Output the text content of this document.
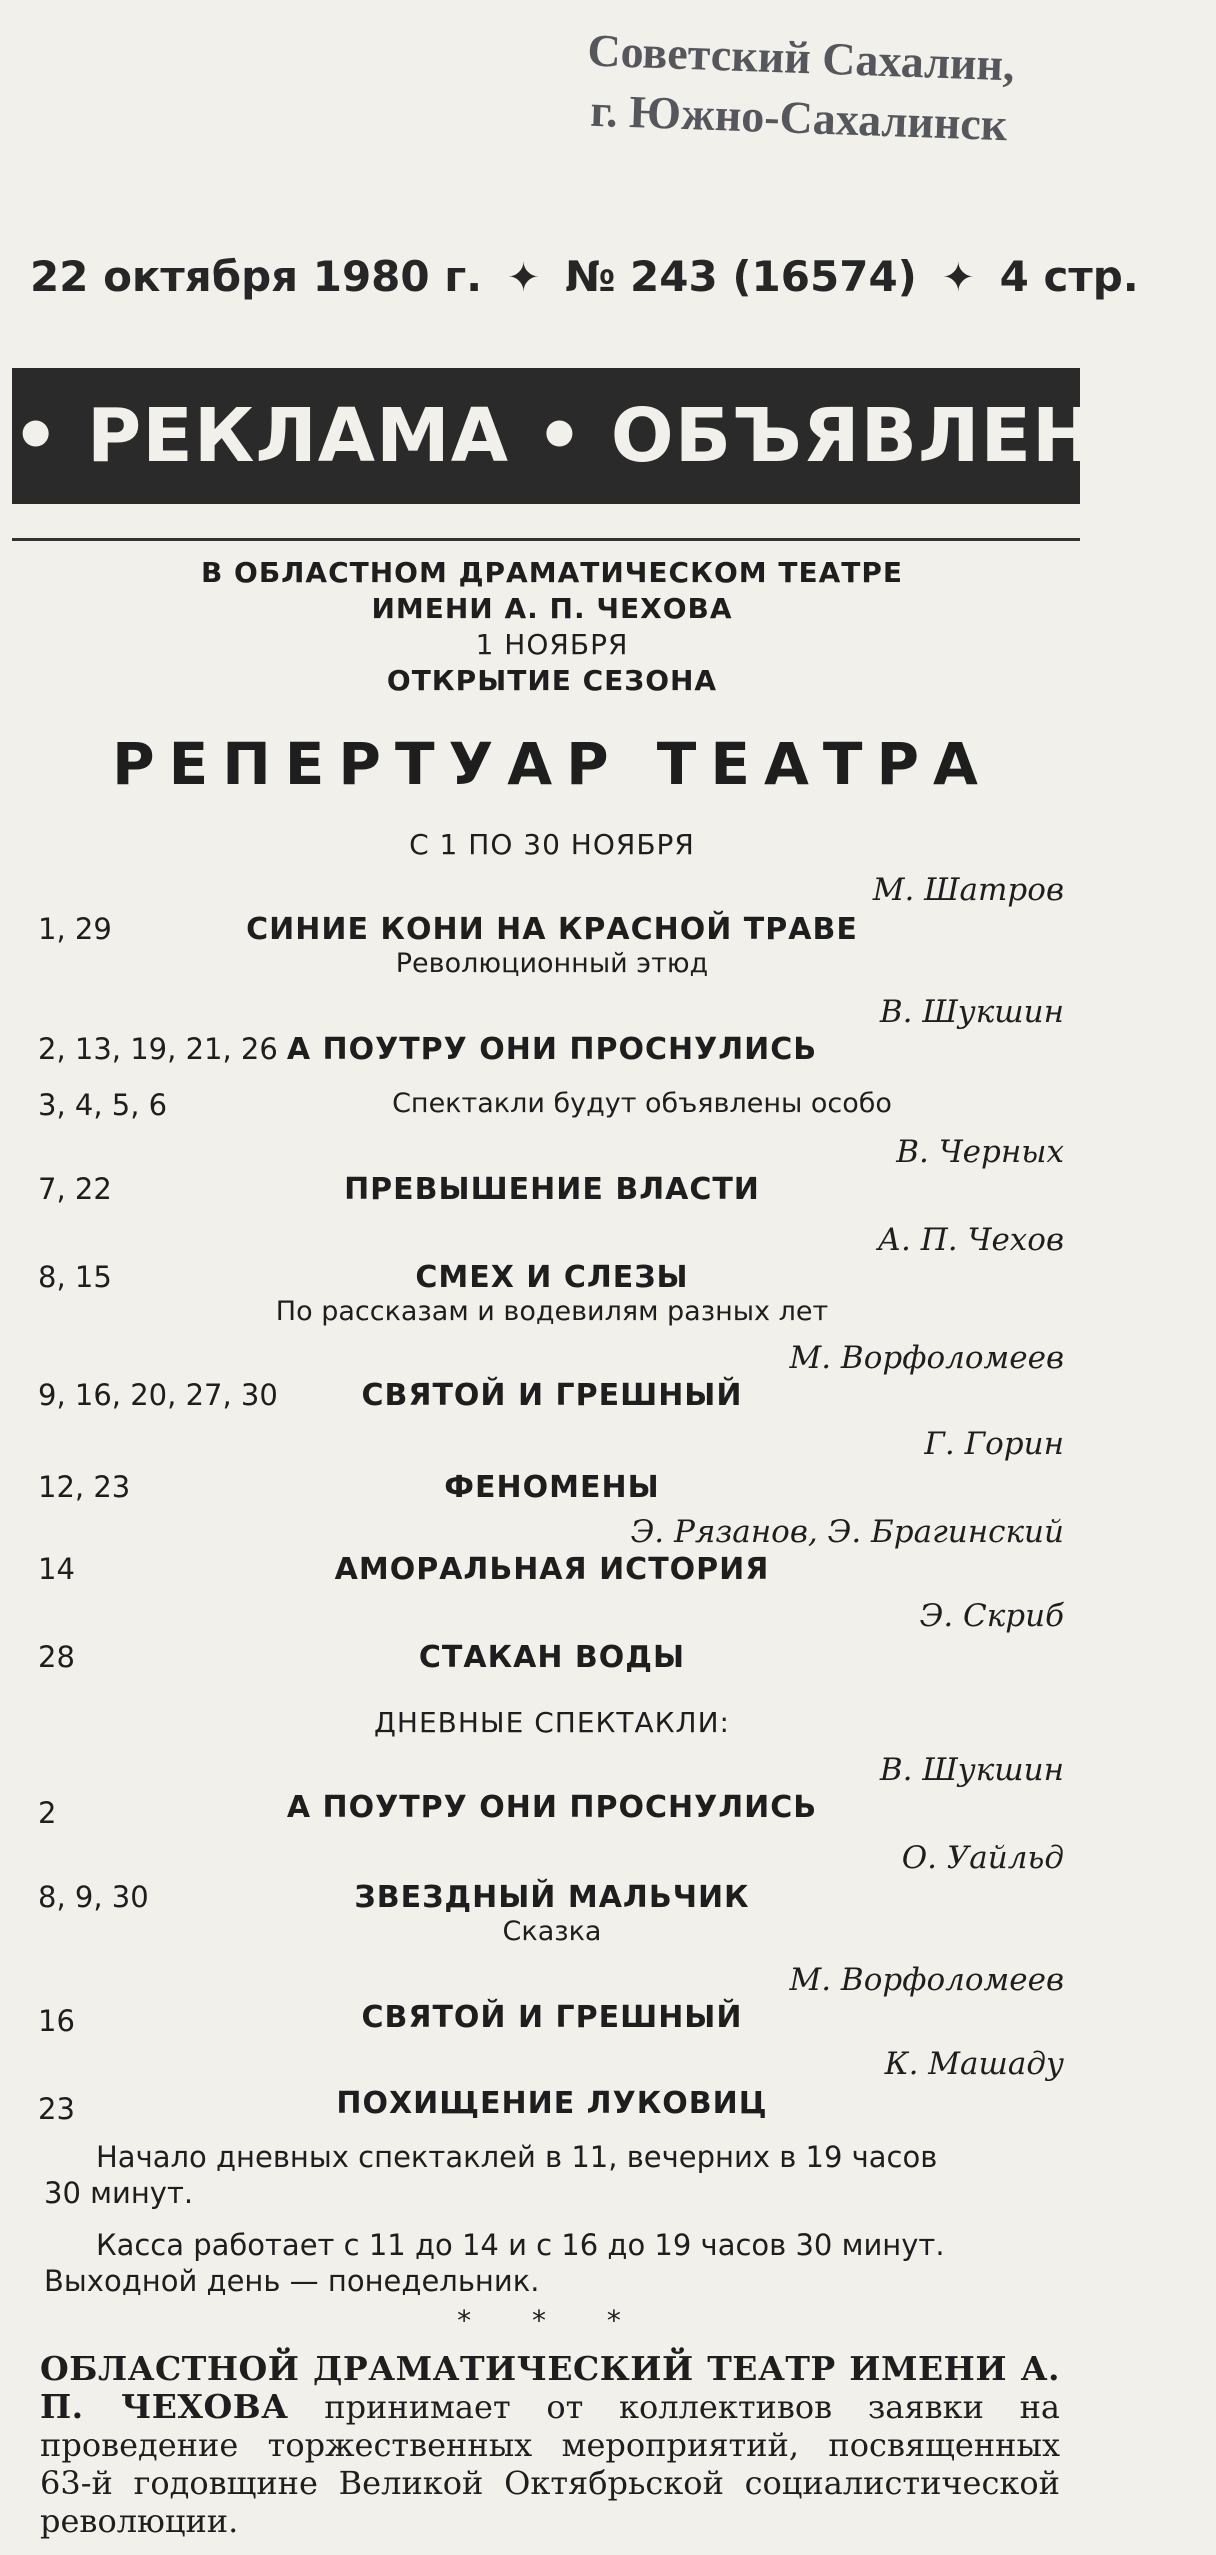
Советский Сахалин,
г. Южно-Сахалинск
22 октября 1980 г. ✦ № 243 (16574) ✦ 4 стр.
• РЕКЛАМА • ОБЪЯВЛЕНИЯ
В ОБЛАСТНОМ ДРАМАТИЧЕСКОМ ТЕАТРЕ
ИМЕНИ А. П. ЧЕХОВА
1 НОЯБРЯ
ОТКРЫТИЕ СЕЗОНА
РЕПЕРТУАР ТЕАТРА
С 1 ПО 30 НОЯБРЯ
М. Шатров
1, 29	СИНИЕ КОНИ НА КРАСНОЙ ТРАВЕ
Революционный этюд
В. Шукшин
2, 13, 19, 21, 26 А ПОУТРУ ОНИ ПРОСНУЛИСЬ
3, 4, 5, 6	Спектакли будут объявлены особо
В. Черных
7, 22	ПРЕВЫШЕНИЕ ВЛАСТИ
А. П. Чехов
8, 15	СМЕХ И СЛЕЗЫ
По рассказам и водевилям разных лет
М. Ворфоломеев
9, 16, 20, 27, 30	СВЯТОЙ И ГРЕШНЫЙ
Г. Горин
12, 23	ФЕНОМЕНЫ
Э. Рязанов, Э. Брагинский
14	АМОРАЛЬНАЯ ИСТОРИЯ
Э. Скриб
28	СТАКАН ВОДЫ
ДНЕВНЫЕ СПЕКТАКЛИ:
В. Шукшин
2	А ПОУТРУ ОНИ ПРОСНУЛИСЬ
О. Уайльд
8, 9, 30	ЗВЕЗДНЫЙ МАЛЬЧИК
Сказка
М. Ворфоломеев
16	СВЯТОЙ И ГРЕШНЫЙ
К. Машаду
23	ПОХИЩЕНИЕ ЛУКОВИЦ
Начало дневных спектаклей в 11, вечерних в 19 часов
30 минут.
Касса работает с 11 до 14 и с 16 до 19 часов 30 минут.
Выходной день — понедельник.
* * *
ОБЛАСТНОЙ ДРАМАТИЧЕСКИЙ ТЕАТР ИМЕНИ А. П. ЧЕХОВА принимает от коллективов заявки на проведение торжественных мероприятий, посвященных 63-й годовщине Великой Октябрьской социалистической революции.
